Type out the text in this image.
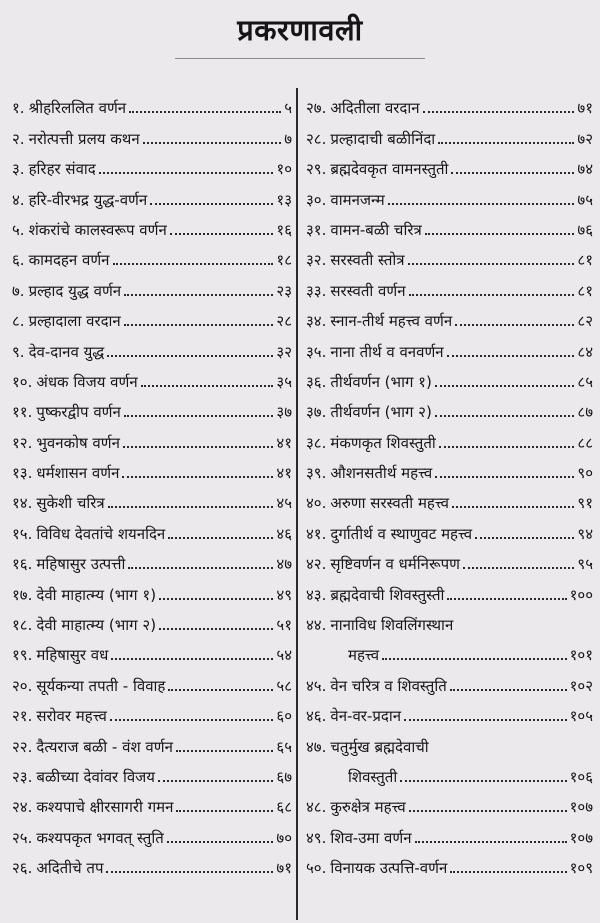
प्रकरणावली
१. श्रीहरिललित वर्णन	५
२. नरोत्पत्ती प्रलय कथन	७
३. हरिहर संवाद	१०
४. हरि-वीरभद्र युद्ध-वर्णन	१३
५. शंकरांचे कालस्वरूप वर्णन	१६
६. कामदहन वर्णन	१८
७. प्रल्हाद युद्ध वर्णन	२३
८. प्रल्हादाला वरदान	२८
९. देव-दानव युद्ध	३२
१०. अंधक विजय वर्णन	३५
११. पुष्करद्वीप वर्णन	३७
१२. भुवनकोष वर्णन	४१
१३. धर्मशासन वर्णन	४१
१४. सुकेशी चरित्र	४५
१५. विविध देवतांचे शयनदिन	४६
१६. महिषासुर उत्पत्ती	४७
१७. देवी माहात्म्य (भाग १)	४९
१८. देवी माहात्म्य (भाग २)	५१
१९. महिषासुर वध	५४
२०. सूर्यकन्या तपती - विवाह	५८
२१. सरोवर महत्त्व	६०
२२. दैत्यराज बळी - वंश वर्णन	६५
२३. बळीच्या देवांवर विजय	६७
२४. कश्यपाचे क्षीरसागरी गमन	६८
२५. कश्यपकृत भगवत् स्तुति	७०
२६. अदितीचे तप	७१
२७. अदितीला वरदान	७१
२८. प्रल्हादाची बळीनिंदा	७२
२९. ब्रह्मदेवकृत वामनस्तुती	७४
३०. वामनजन्म	७५
३१. वामन-बळी चरित्र	७६
३२. सरस्वती स्तोत्र	८१
३३. सरस्वती वर्णन	८१
३४. स्नान-तीर्थ महत्त्व वर्णन	८२
३५. नाना तीर्थ व वनवर्णन	८४
३६. तीर्थवर्णन (भाग १)	८५
३७. तीर्थवर्णन (भाग २)	८७
३८. मंकणकृत शिवस्तुती	८८
३९. औशनसतीर्थ महत्त्व	९०
४०. अरुणा सरस्वती महत्त्व	९१
४१. दुर्गातीर्थ व स्थाणुवट महत्त्व	९४
४२. सृष्टिवर्णन व धर्मनिरूपण	९५
४३. ब्रह्मदेवाची शिवस्तुस्ती	१००
४४. नानाविध शिवलिंगस्थान
महत्त्व	१०१
४५. वेन चरित्र व शिवस्तुति	१०२
४६. वेन-वर-प्रदान	१०५
४७. चतुर्मुख ब्रह्मदेवाची
शिवस्तुती	१०६
४८. कुरुक्षेत्र महत्त्व	१०७
४९. शिव-उमा वर्णन	१०७
५०. विनायक उत्पत्ति-वर्णन	१०९
